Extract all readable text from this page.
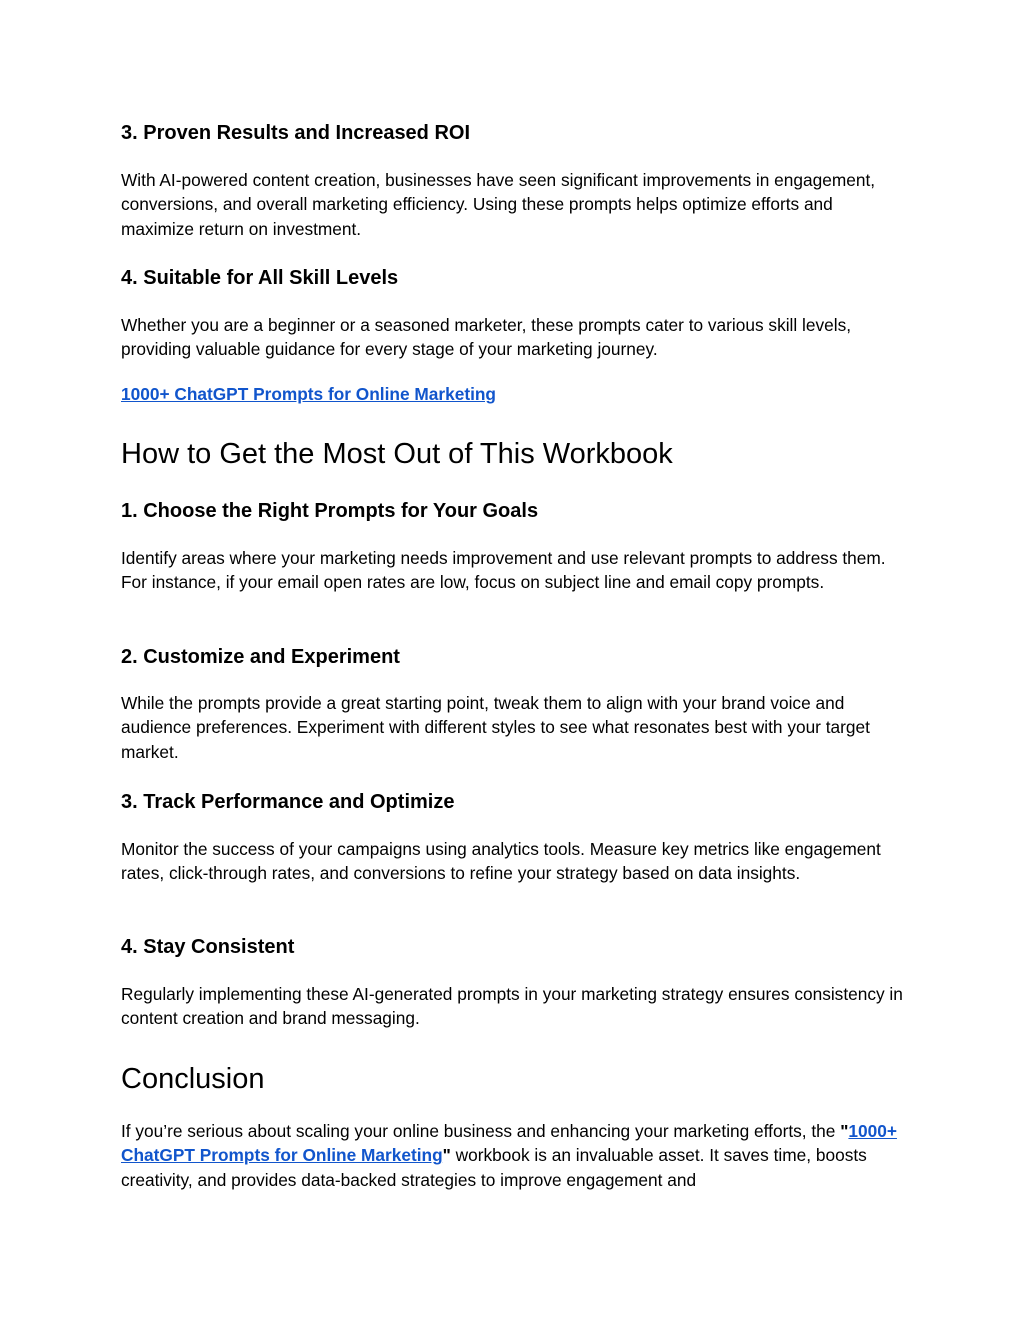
3. Proven Results and Increased ROI
With AI-powered content creation, businesses have seen significant improvements in engagement, conversions, and overall marketing efficiency. Using these prompts helps optimize efforts and maximize return on investment.
4. Suitable for All Skill Levels
Whether you are a beginner or a seasoned marketer, these prompts cater to various skill levels, providing valuable guidance for every stage of your marketing journey.
1000+ ChatGPT Prompts for Online Marketing
How to Get the Most Out of This Workbook
1. Choose the Right Prompts for Your Goals
Identify areas where your marketing needs improvement and use relevant prompts to address them. For instance, if your email open rates are low, focus on subject line and email copy prompts.
2. Customize and Experiment
While the prompts provide a great starting point, tweak them to align with your brand voice and audience preferences. Experiment with different styles to see what resonates best with your target market.
3. Track Performance and Optimize
Monitor the success of your campaigns using analytics tools. Measure key metrics like engagement rates, click-through rates, and conversions to refine your strategy based on data insights.
4. Stay Consistent
Regularly implementing these AI-generated prompts in your marketing strategy ensures consistency in content creation and brand messaging.
Conclusion
If you’re serious about scaling your online business and enhancing your marketing efforts, the "1000+ ChatGPT Prompts for Online Marketing" workbook is an invaluable asset. It saves time, boosts creativity, and provides data-backed strategies to improve engagement and
